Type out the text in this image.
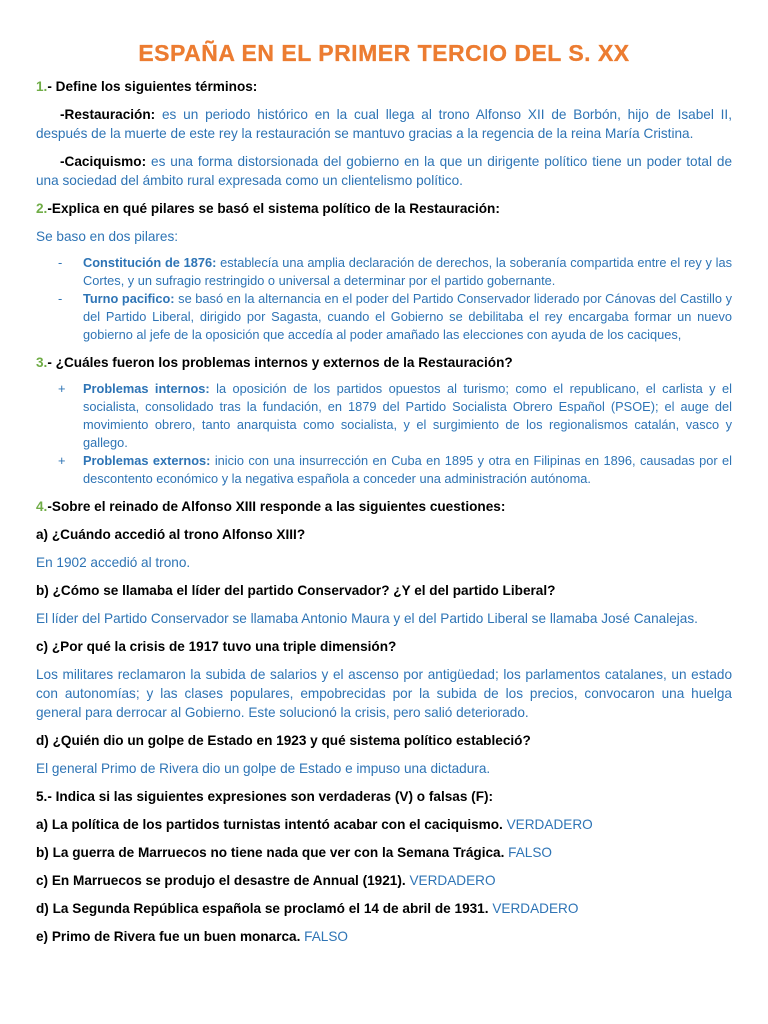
ESPAÑA EN EL PRIMER TERCIO DEL S. XX

1.- Define los siguientes términos:

-Restauración: es un periodo histórico en la cual llega al trono Alfonso XII de Borbón, hijo de Isabel II, después de la muerte de este rey la restauración se mantuvo gracias a la regencia de la reina María Cristina.

-Caciquismo: es una forma distorsionada del gobierno en la que un dirigente político tiene un poder total de una sociedad del ámbito rural expresada como un clientelismo político.

2.-Explica en qué pilares se basó el sistema político de la Restauración:

Se baso en dos pilares:

- Constitución de 1876: establecía una amplia declaración de derechos, la soberanía compartida entre el rey y las Cortes, y un sufragio restringido o universal a determinar por el partido gobernante.
- Turno pacifico: se basó en la alternancia en el poder del Partido Conservador liderado por Cánovas del Castillo y del Partido Liberal, dirigido por Sagasta, cuando el Gobierno se debilitaba el rey encargaba formar un nuevo gobierno al jefe de la oposición que accedía al poder amañado las elecciones con ayuda de los caciques,

3.- ¿Cuáles fueron los problemas internos y externos de la Restauración?

+ Problemas internos: la oposición de los partidos opuestos al turismo; como el republicano, el carlista y el socialista, consolidado tras la fundación, en 1879 del Partido Socialista Obrero Español (PSOE); el auge del movimiento obrero, tanto anarquista como socialista, y el surgimiento de los regionalismos catalán, vasco y gallego.
+ Problemas externos: inicio con una insurrección en Cuba en 1895 y otra en Filipinas en 1896, causadas por el descontento económico y la negativa española a conceder una administración autónoma.

4.-Sobre el reinado de Alfonso XIII responde a las siguientes cuestiones:

a) ¿Cuándo accedió al trono Alfonso XIII?

En 1902 accedió al trono.

b) ¿Cómo se llamaba el líder del partido Conservador? ¿Y el del partido Liberal?

El líder del Partido Conservador se llamaba Antonio Maura y el del Partido Liberal se llamaba José Canalejas.

c) ¿Por qué la crisis de 1917 tuvo una triple dimensión?

Los militares reclamaron la subida de salarios y el ascenso por antigüedad; los parlamentos catalanes, un estado con autonomías; y las clases populares, empobrecidas por la subida de los precios, convocaron una huelga general para derrocar al Gobierno. Este solucionó la crisis, pero salió deteriorado.

d) ¿Quién dio un golpe de Estado en 1923 y qué sistema político estableció?

El general Primo de Rivera dio un golpe de Estado e impuso una dictadura.

5.- Indica si las siguientes expresiones son verdaderas (V) o falsas (F):

a) La política de los partidos turnistas intentó acabar con el caciquismo. VERDADERO

b) La guerra de Marruecos no tiene nada que ver con la Semana Trágica. FALSO

c) En Marruecos se produjo el desastre de Annual (1921). VERDADERO

d) La Segunda República española se proclamó el 14 de abril de 1931. VERDADERO

e) Primo de Rivera fue un buen monarca. FALSO
